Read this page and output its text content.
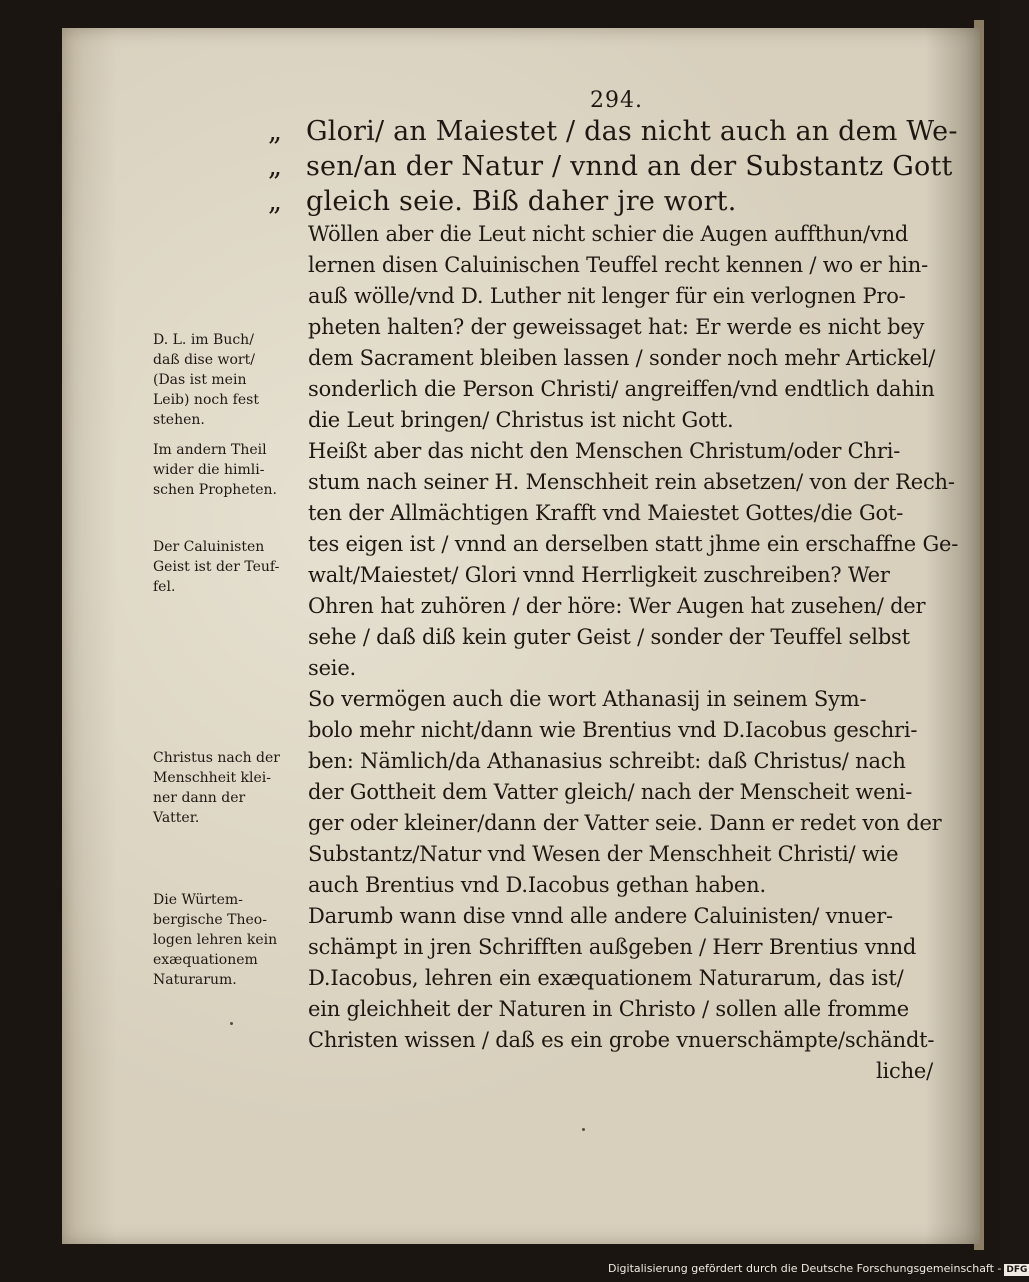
294.
„ Glori/ an Maiestet / das nicht auch an dem We-
„ sen/an der Natur / vnnd an der Substantz Gott
„ gleich seie. Biß daher jre wort.
Wöllen aber die Leut nicht schier die Augen auffthun/vnd
lernen disen Caluinischen Teuffel recht kennen / wo er hin-
auß wölle/vnd D. Luther nit lenger für ein verlognen Pro-
pheten halten? der geweissaget hat: Er werde es nicht bey
dem Sacrament bleiben lassen / sonder noch mehr Artickel/
sonderlich die Person Christi/ angreiffen/vnd endtlich dahin
die Leut bringen/ Christus ist nicht Gott.
Heißt aber das nicht den Menschen Christum/oder Chri-
stum nach seiner H. Menschheit rein absetzen/ von der Rech-
ten der Allmächtigen Krafft vnd Maiestet Gottes/die Got-
tes eigen ist / vnnd an derselben statt jhme ein erschaffne Ge-
walt/Maiestet/ Glori vnnd Herrligkeit zuschreiben? Wer
Ohren hat zuhören / der höre: Wer Augen hat zusehen/ der
sehe / daß diß kein guter Geist / sonder der Teuffel selbst
seie.
So vermögen auch die wort Athanasij in seinem Sym-
bolo mehr nicht/dann wie Brentius vnd D.Iacobus geschri-
ben: Nämlich/da Athanasius schreibt: daß Christus/ nach
der Gottheit dem Vatter gleich/ nach der Menscheit weni-
ger oder kleiner/dann der Vatter seie. Dann er redet von der
Substantz/Natur vnd Wesen der Menschheit Christi/ wie
auch Brentius vnd D.Iacobus gethan haben.
Darumb wann dise vnnd alle andere Caluinisten/ vnuer-
schämpt in jren Schrifften außgeben / Herr Brentius vnnd
D.Iacobus, lehren ein exæquationem Naturarum, das ist/
ein gleichheit der Naturen in Christo / sollen alle fromme
Christen wissen / daß es ein grobe vnuerschämpte/schändt-
liche/
D. L. im Buch/
daß dise wort/
(Das ist mein
Leib) noch fest
stehen.
Im andern Theil
wider die himli-
schen Propheten.
Der Caluinisten
Geist ist der Teuf-
fel.
Christus nach der
Menschheit klei-
ner dann der
Vatter.
Die Würtem-
bergische Theo-
logen lehren kein
exæquationem
Naturarum.
Digitalisierung gefördert durch die Deutsche Forschungsgemeinschaft - DFG
